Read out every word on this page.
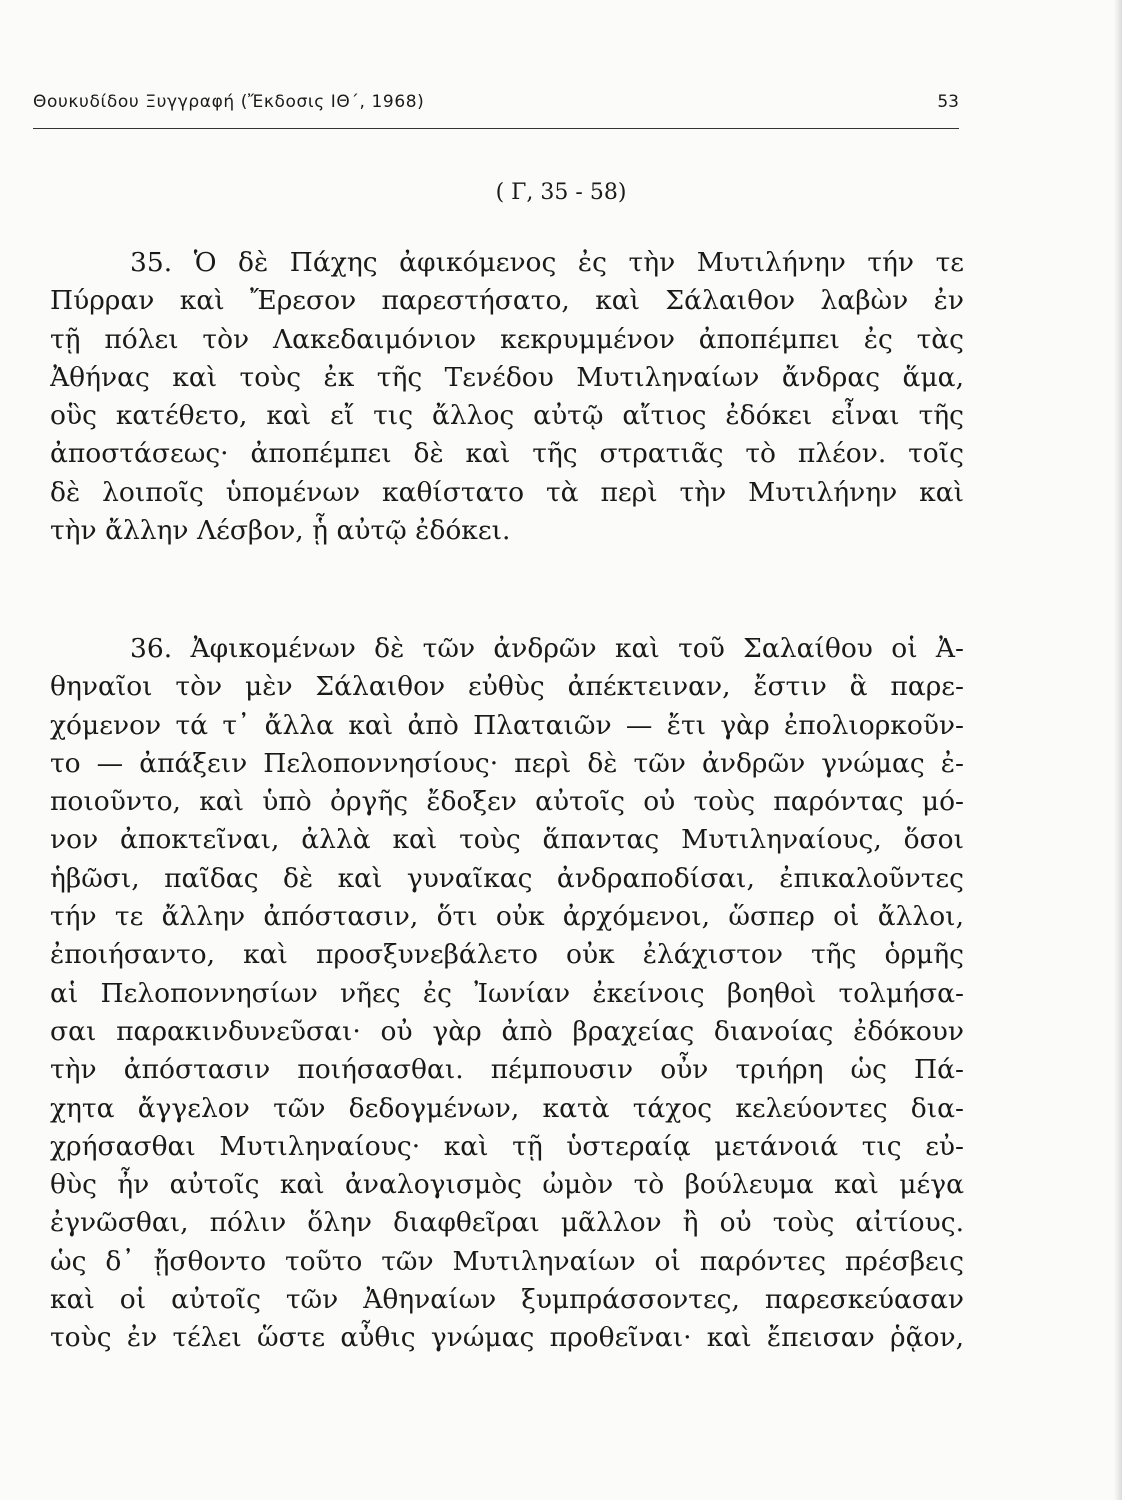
Θουκυδίδου Ξυγγραφή (Ἔκδοσις ΙΘ΄, 1968)	53
( Γ, 35 - 58)
35. Ὁ δὲ Πάχης ἀφικόμενος ἐς τὴν Μυτιλήνην τήν τε
Πύρραν καὶ Ἔρεσον παρεστήσατο, καὶ Σάλαιθον λαβὼν ἐν
τῇ πόλει τὸν Λακεδαιμόνιον κεκρυμμένον ἀποπέμπει ἐς τὰς
Ἀθήνας καὶ τοὺς ἐκ τῆς Τενέδου Μυτιληναίων ἄνδρας ἅμα,
οὓς κατέθετο, καὶ εἴ τις ἄλλος αὐτῷ αἴτιος ἐδόκει εἶναι τῆς
ἀποστάσεως· ἀποπέμπει δὲ καὶ τῆς στρατιᾶς τὸ πλέον. τοῖς
δὲ λοιποῖς ὑπομένων καθίστατο τὰ περὶ τὴν Μυτιλήνην καὶ
τὴν ἄλλην Λέσβον, ᾗ αὐτῷ ἐδόκει.
36. Ἀφικομένων δὲ τῶν ἀνδρῶν καὶ τοῦ Σαλαίθου οἱ Ἀ-
θηναῖοι τὸν μὲν Σάλαιθον εὐθὺς ἀπέκτειναν, ἔστιν ἃ παρε-
χόμενον τά τ᾽ ἄλλα καὶ ἀπὸ Πλαταιῶν — ἔτι γὰρ ἐπολιορκοῦν-
το — ἀπάξειν Πελοποννησίους· περὶ δὲ τῶν ἀνδρῶν γνώμας ἐ-
ποιοῦντο, καὶ ὑπὸ ὀργῆς ἔδοξεν αὐτοῖς οὐ τοὺς παρόντας μό-
νον ἀποκτεῖναι, ἀλλὰ καὶ τοὺς ἅπαντας Μυτιληναίους, ὅσοι
ἡβῶσι, παῖδας δὲ καὶ γυναῖκας ἀνδραποδίσαι, ἐπικαλοῦντες
τήν τε ἄλλην ἀπόστασιν, ὅτι οὐκ ἀρχόμενοι, ὥσπερ οἱ ἄλλοι,
ἐποιήσαντο, καὶ προσξυνεβάλετο οὐκ ἐλάχιστον τῆς ὁρμῆς
αἱ Πελοποννησίων νῆες ἐς Ἰωνίαν ἐκείνοις βοηθοὶ τολμήσα-
σαι παρακινδυνεῦσαι· οὐ γὰρ ἀπὸ βραχείας διανοίας ἐδόκουν
τὴν ἀπόστασιν ποιήσασθαι. πέμπουσιν οὖν τριήρη ὡς Πά-
χητα ἄγγελον τῶν δεδογμένων, κατὰ τάχος κελεύοντες δια-
χρήσασθαι Μυτιληναίους· καὶ τῇ ὑστεραίᾳ μετάνοιά τις εὐ-
θὺς ἦν αὐτοῖς καὶ ἀναλογισμὸς ὠμὸν τὸ βούλευμα καὶ μέγα
ἐγνῶσθαι, πόλιν ὅλην διαφθεῖραι μᾶλλον ἢ οὐ τοὺς αἰτίους.
ὡς δ᾽ ᾔσθοντο τοῦτο τῶν Μυτιληναίων οἱ παρόντες πρέσβεις
καὶ οἱ αὐτοῖς τῶν Ἀθηναίων ξυμπράσσοντες, παρεσκεύασαν
τοὺς ἐν τέλει ὥστε αὖθις γνώμας προθεῖναι· καὶ ἔπεισαν ῥᾷον,
